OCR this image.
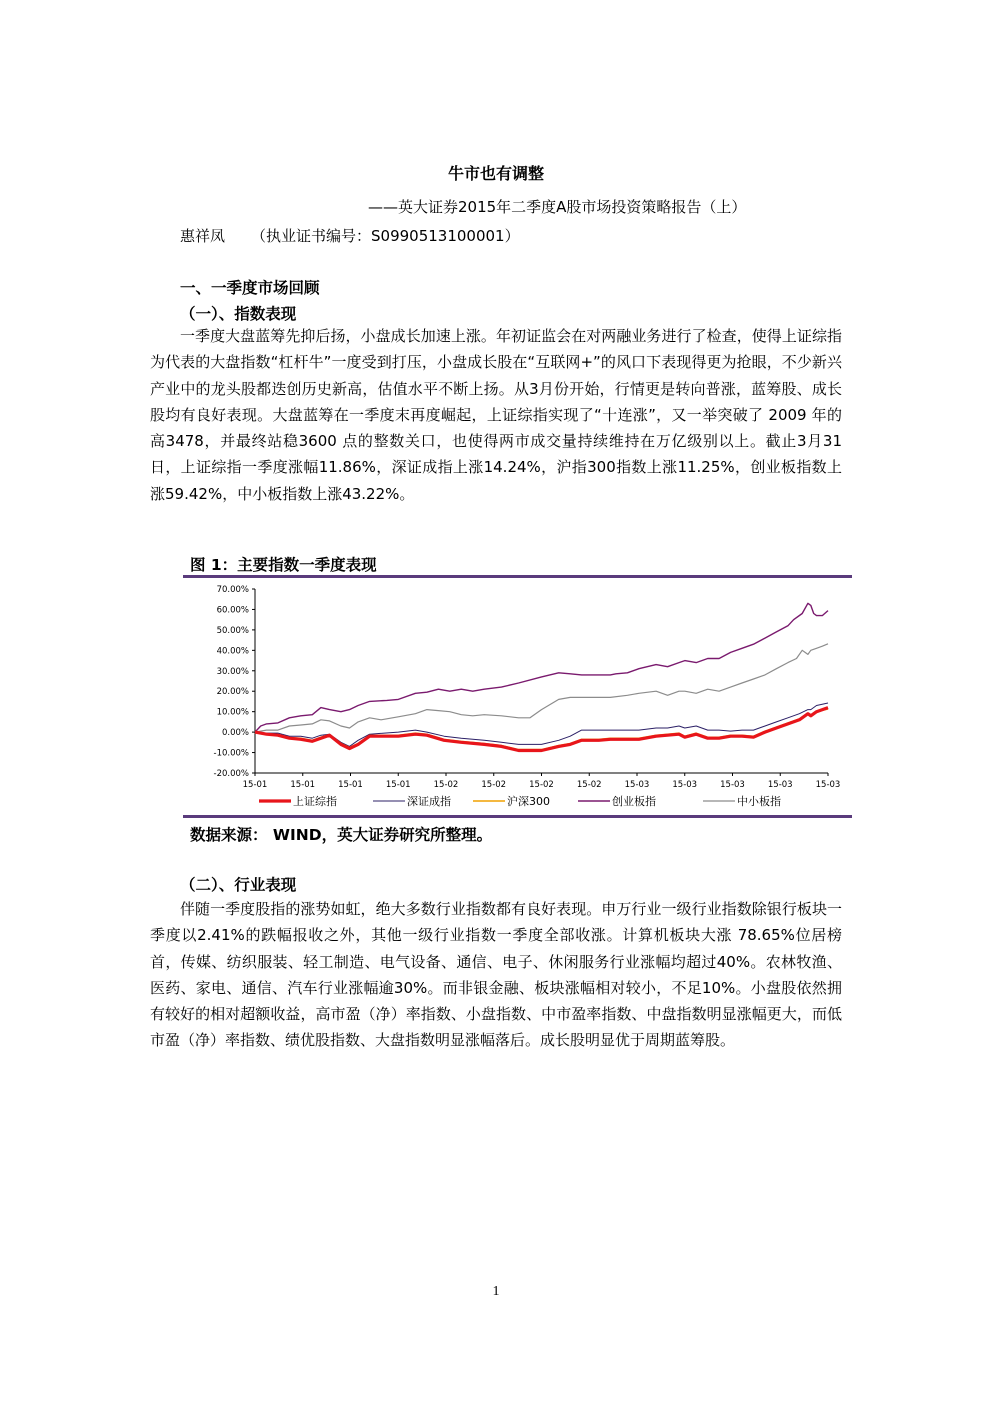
牛市也有调整
——英大证券2015年二季度A股市场投资策略报告（上）
惠祥凤 （执业证书编号：S0990513100001）
一、一季度市场回顾
（一）、指数表现

一季度大盘蓝筹先抑后扬，小盘成长加速上涨。年初证监会在对两融业务进行了检查，使得上证综指为代表的大盘指数“杠杆牛”一度受到打压，小盘成长股在“互联网+”的风口下表现得更为抢眼，不少新兴产业中的龙头股都迭创历史新高，估值水平不断上扬。从3月份开始，行情更是转向普涨，蓝筹股、成长股均有良好表现。大盘蓝筹在一季度末再度崛起，上证综指实现了“十连涨”，又一举突破了 2009 年的高3478，并最终站稳3600 点的整数关口，也使得两市成交量持续维持在万亿级别以上。截止3月31日，上证综指一季度涨幅11.86%，深证成指上涨14.24%，沪指300指数上涨11.25%，创业板指数上涨59.42%，中小板指数上涨43.22%。

图 1：主要指数一季度表现
70.00%
60.00%
50.00%
40.00%
30.00%
20.00%
10.00%
0.00%
-10.00%
-20.00%
15-01	15-01	15-01	15-01	15-02	15-02	15-02	15-02	15-03	15-03	15-03	15-03	15-03
上证综指	深证成指	沪深300	创业板指	中小板指
数据来源： WIND，英大证券研究所整理。
（二）、行业表现

伴随一季度股指的涨势如虹，绝大多数行业指数都有良好表现。申万行业一级行业指数除银行板块一季度以2.41%的跌幅报收之外，其他一级行业指数一季度全部收涨。计算机板块大涨 78.65%位居榜首，传媒、纺织服装、轻工制造、电气设备、通信、电子、休闲服务行业涨幅均超过40%。农林牧渔、医药、家电、通信、汽车行业涨幅逾30%。而非银金融、板块涨幅相对较小，不足10%。小盘股依然拥有较好的相对超额收益，高市盈（净）率指数、小盘指数、中市盈率指数、中盘指数明显涨幅更大，而低市盈（净）率指数、绩优股指数、大盘指数明显涨幅落后。成长股明显优于周期蓝筹股。

1
